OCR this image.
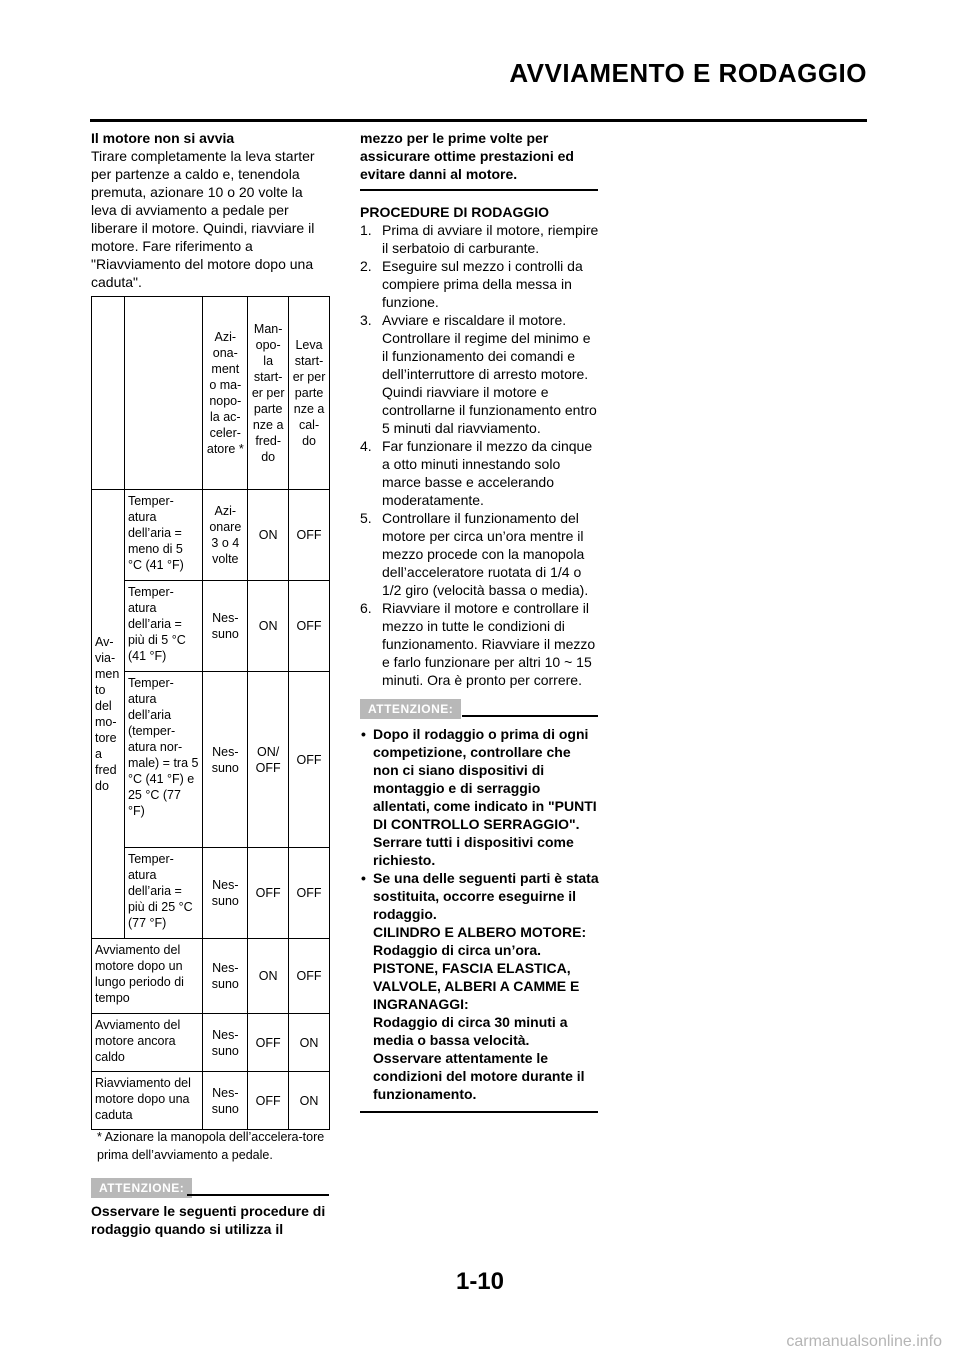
AVVIAMENTO E RODAGGIO

Il motore non si avvia

Tirare completamente la leva starter per partenze a caldo e, tenendola premuta, azionare 10 o 20 volte la leva di avviamento a pedale per liberare il motore. Quindi, riavviare il motore. Fare riferimento a "Riavviamento del motore dopo una caduta".

		Azi-ona-ment o ma-nopo-la ac-celer-atore *	Man-opo-la start-er per parte nze a fred-do	Leva start-er per parte nze a cal-do
Av-via-men to del mo-tore a fred do	Temper-atura dell’aria = meno di 5 °C (41 °F)	Azi-onare 3 o 4 volte	ON	OFF
	Temper-atura dell’aria = più di 5 °C (41 °F)	Nes-suno	ON	OFF
	Temper-atura dell’aria (temper-atura nor-male) = tra 5 °C (41 °F) e 25 °C (77 °F)	Nes-suno	ON/ OFF	OFF
	Temper-atura dell’aria = più di 25 °C (77 °F)	Nes-suno	OFF	OFF
Avviamento del motore dopo un lungo periodo di tempo		Nes-suno	ON	OFF
Avviamento del motore ancora caldo		Nes-suno	OFF	ON
Riavviamento del motore dopo una caduta		Nes-suno	OFF	ON
* Azionare la manopola dell’accelera-tore prima dell’avviamento a pedale.
ATTENZIONE:

Osservare le seguenti procedure di rodaggio quando si utilizza il

mezzo per le prime volte per assicurare ottime prestazioni ed evitare danni al motore.

PROCEDURE DI RODAGGIO

1. Prima di avviare il motore, riempire il serbatoio di carburante.
2. Eseguire sul mezzo i controlli da compiere prima della messa in funzione.
3. Avviare e riscaldare il motore. Controllare il regime del minimo e il funzionamento dei comandi e dell’interruttore di arresto motore. Quindi riavviare il motore e controllarne il funzionamento entro 5 minuti dal riavviamento.
4. Far funzionare il mezzo da cinque a otto minuti innestando solo marce basse e accelerando moderatamente.
5. Controllare il funzionamento del motore per circa un’ora mentre il mezzo procede con la manopola dell’acceleratore ruotata di 1/4 o 1/2 giro (velocità bassa o media).
6. Riavviare il motore e controllare il mezzo in tutte le condizioni di funzionamento. Riavviare il mezzo e farlo funzionare per altri 10 ~ 15 minuti. Ora è pronto per correre.
ATTENZIONE:
• Dopo il rodaggio o prima di ogni competizione, controllare che non ci siano dispositivi di montaggio e di serraggio allentati, come indicato in "PUNTI DI CONTROLLO SERRAGGIO". Serrare tutti i dispositivi come richiesto.
• Se una delle seguenti parti è stata sostituita, occorre eseguirne il rodaggio.
CILINDRO E ALBERO MOTORE: Rodaggio di circa un’ora.
PISTONE, FASCIA ELASTICA, VALVOLE, ALBERI A CAMME E INGRANAGGI:
Rodaggio di circa 30 minuti a media o bassa velocità. Osservare attentamente le condizioni del motore durante il funzionamento.
1-10
carmanualsonline.info
